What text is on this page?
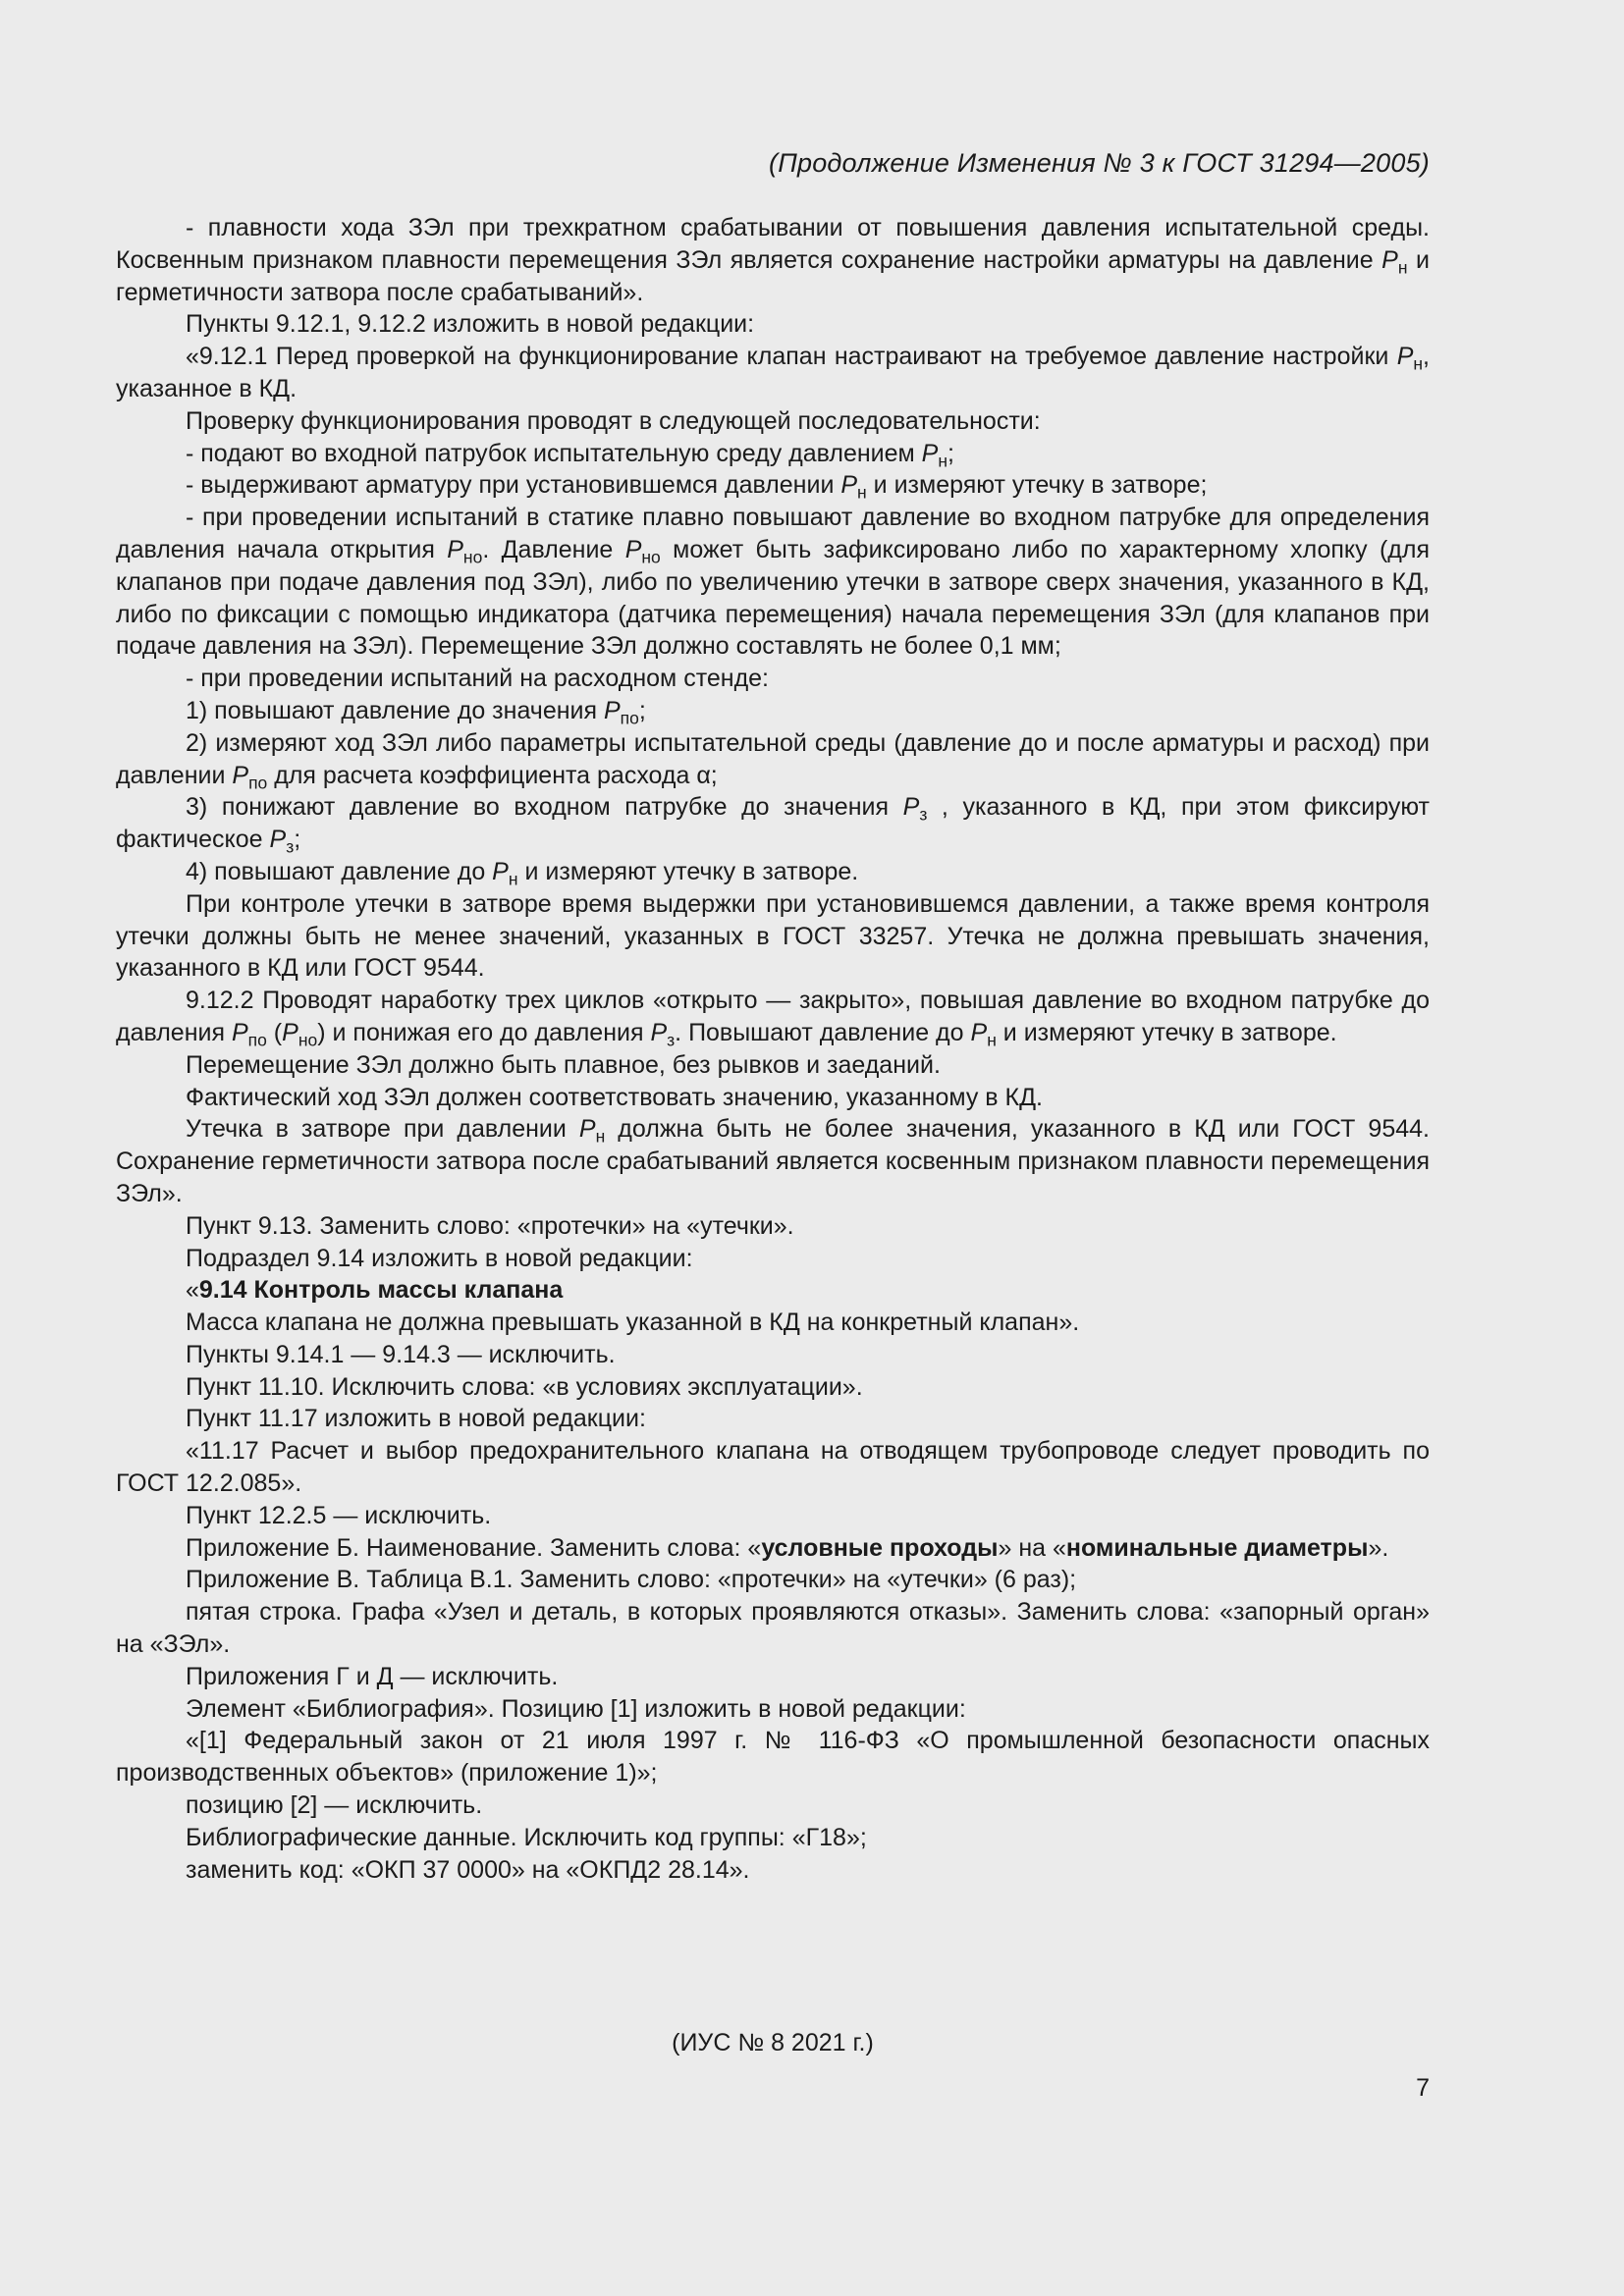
(Продолжение Изменения № 3 к ГОСТ 31294—2005)

- плавности хода ЗЭл при трехкратном срабатывании от повышения давления испытательной среды. Косвенным признаком плавности перемещения ЗЭл является сохранение настройки арматуры на давление $P_н$ и герметичности затвора после срабатываний».

Пункты 9.12.1, 9.12.2 изложить в новой редакции:

«9.12.1 Перед проверкой на функционирование клапан настраивают на требуемое давление настройки $P_н$, указанное в КД.

Проверку функционирования проводят в следующей последовательности:

- подают во входной патрубок испытательную среду давлением $P_н$;

- выдерживают арматуру при установившемся давлении $P_н$ и измеряют утечку в затворе;

- при проведении испытаний в статике плавно повышают давление во входном патрубке для определения давления начала открытия $P_{но}$. Давление $P_{но}$ может быть зафиксировано либо по характерному хлопку (для клапанов при подаче давления под ЗЭл), либо по увеличению утечки в затворе сверх значения, указанного в КД, либо по фиксации с помощью индикатора (датчика перемещения) начала перемещения ЗЭл (для клапанов при подаче давления на ЗЭл). Перемещение ЗЭл должно составлять не более 0,1 мм;

- при проведении испытаний на расходном стенде:

1) повышают давление до значения $P_{по}$;

2) измеряют ход ЗЭл либо параметры испытательной среды (давление до и после арматуры и расход) при давлении $P_{по}$ для расчета коэффициента расхода α;

3) понижают давление во входном патрубке до значения $P_з$ , указанного в КД, при этом фиксируют фактическое $P_з$;

4) повышают давление до $P_н$ и измеряют утечку в затворе.

При контроле утечки в затворе время выдержки при установившемся давлении, а также время контроля утечки должны быть не менее значений, указанных в ГОСТ 33257. Утечка не должна превышать значения, указанного в КД или ГОСТ 9544.

9.12.2 Проводят наработку трех циклов «открыто — закрыто», повышая давление во входном патрубке до давления $P_{по}$ $(P_{но})$ и понижая его до давления $P_з$. Повышают давление до $P_н$ и измеряют утечку в затворе.

Перемещение ЗЭл должно быть плавное, без рывков и заеданий.

Фактический ход ЗЭл должен соответствовать значению, указанному в КД.

Утечка в затворе при давлении $P_н$ должна быть не более значения, указанного в КД или ГОСТ 9544. Сохранение герметичности затвора после срабатываний является косвенным признаком плавности перемещения ЗЭл».

Пункт 9.13. Заменить слово: «протечки» на «утечки».

Подраздел 9.14 изложить в новой редакции:

«9.14 Контроль массы клапана

Масса клапана не должна превышать указанной в КД на конкретный клапан».

Пункты 9.14.1 — 9.14.3 — исключить.

Пункт 11.10. Исключить слова: «в условиях эксплуатации».

Пункт 11.17 изложить в новой редакции:

«11.17 Расчет и выбор предохранительного клапана на отводящем трубопроводе следует проводить по ГОСТ 12.2.085».

Пункт 12.2.5 — исключить.

Приложение Б. Наименование. Заменить слова: «условные проходы» на «номинальные диаметры».

Приложение В. Таблица В.1. Заменить слово: «протечки» на «утечки» (6 раз);

пятая строка. Графа «Узел и деталь, в которых проявляются отказы». Заменить слова: «запорный орган» на «ЗЭл».

Приложения Г и Д — исключить.

Элемент «Библиография». Позицию [1] изложить в новой редакции:

«[1] Федеральный закон от 21 июля 1997 г. № 116-ФЗ «О промышленной безопасности опасных производственных объектов» (приложение 1)»;

позицию [2] — исключить.

Библиографические данные. Исключить код группы: «Г18»;

заменить код: «ОКП 37 0000» на «ОКПД2 28.14».

(ИУС № 8 2021 г.)
7
